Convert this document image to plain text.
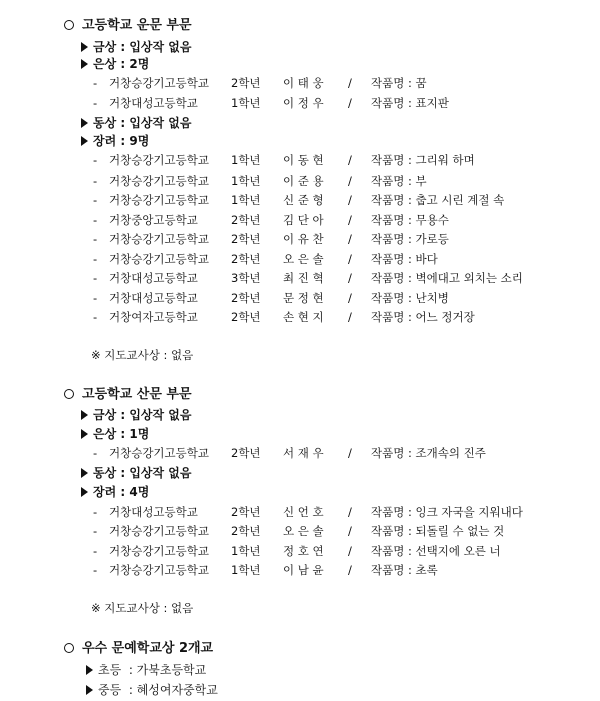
고등학교 운문 부문
금상 : 입상작 없음
은상 : 2명
- 거창승강기고등학교 2학년 이 태 웅 / 작품명 : 꿈
- 거창대성고등학교	1학년 이 정 우 / 작품명 : 표지판
동상 : 입상작 없음
장려 : 9명
- 거창승강기고등학교 1학년 이 동 현 / 작품명 : 그리워 하며
- 거창승강기고등학교 1학년 이 준 용 / 작품명 : 부
- 거창승강기고등학교 1학년 신 준 형 / 작품명 : 춥고 시린 계절 속
- 거창중앙고등학교	2학년 김 단 아 / 작품명 : 무용수
- 거창승강기고등학교 2학년 이 유 찬 / 작품명 : 가로등
- 거창승강기고등학교 2학년 오 은 솔 / 작품명 : 바다
- 거창대성고등학교	3학년 최 진 혁 / 작품명 : 벽에대고 외치는 소리
- 거창대성고등학교	2학년 문 정 현 / 작품명 : 난치병
- 거창여자고등학교	2학년 손 현 지 / 작품명 : 어느 정거장
※ 지도교사상 : 없음
고등학교 산문 부문
금상 : 입상작 없음
은상 : 1명
- 거창승강기고등학교 2학년 서 재 우 / 작품명 : 조개속의 진주
동상 : 입상작 없음
장려 : 4명
- 거창대성고등학교	2학년 신 언 호 / 작품명 : 잉크 자국을 지워내다
- 거창승강기고등학교 2학년 오 은 솔 / 작품명 : 되돌릴 수 없는 것
- 거창승강기고등학교 1학년 정 호 연 / 작품명 : 선택지에 오른 너
- 거창승강기고등학교 1학년 이 남 윤 / 작품명 : 초록
※ 지도교사상 : 없음
우수 문예학교상 2개교
초등  : 가북초등학교
중등  : 혜성여자중학교
